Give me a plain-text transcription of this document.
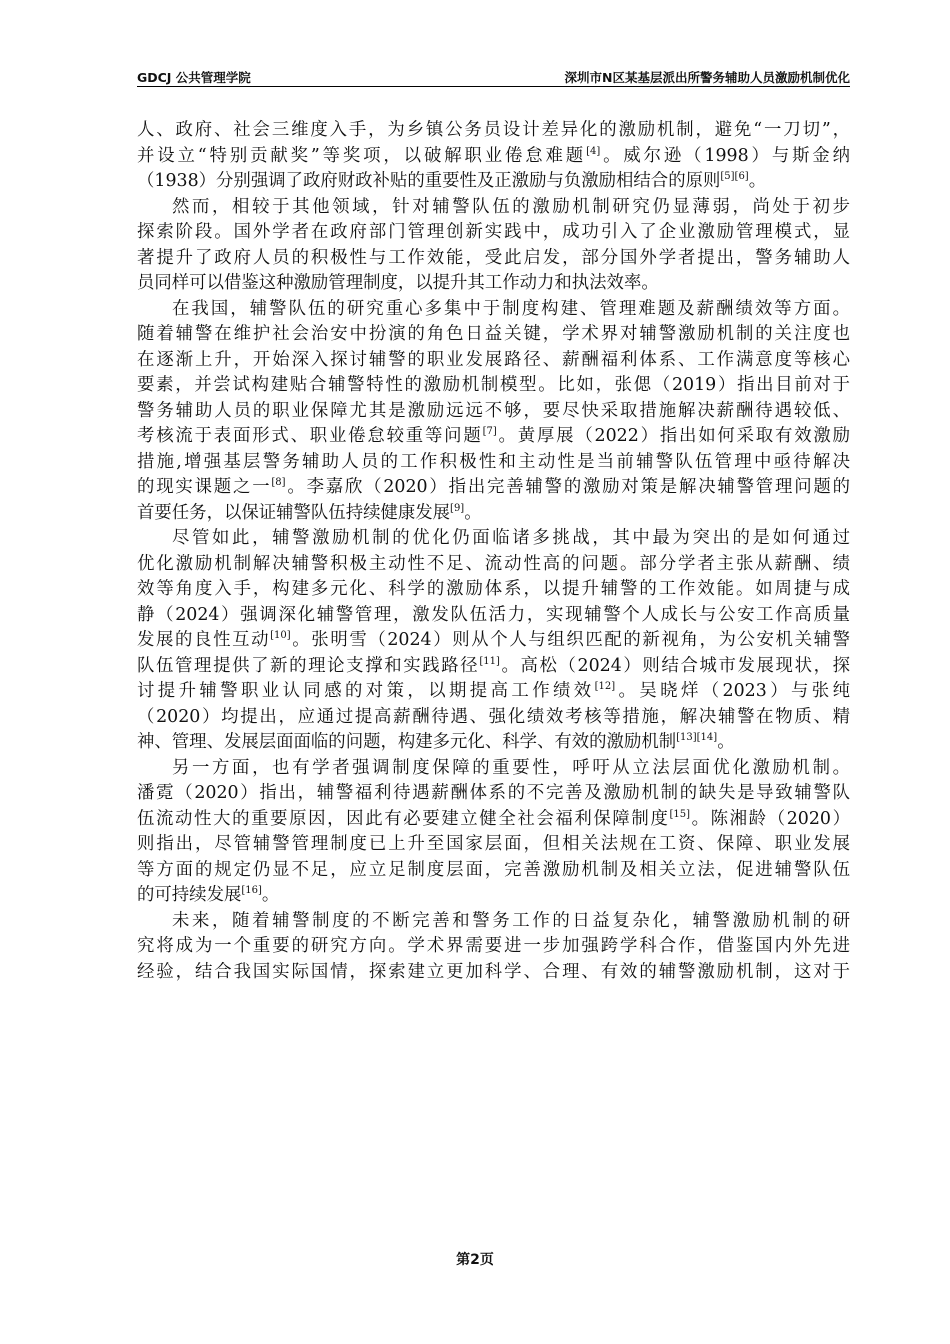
GDCJ 公共管理学院	深圳市N区某基层派出所警务辅助人员激励机制优化
人、政府、社会三维度入手，为乡镇公务员设计差异化的激励机制，避免“一刀切”，
并设立“特别贡献奖”等奖项，以破解职业倦怠难题[4]。威尔逊（1998）与斯金纳
（1938）分别强调了政府财政补贴的重要性及正激励与负激励相结合的原则[5][6]。
然而，相较于其他领域，针对辅警队伍的激励机制研究仍显薄弱，尚处于初步
探索阶段。国外学者在政府部门管理创新实践中，成功引入了企业激励管理模式，显
著提升了政府人员的积极性与工作效能，受此启发，部分国外学者提出，警务辅助人
员同样可以借鉴这种激励管理制度，以提升其工作动力和执法效率。
在我国，辅警队伍的研究重心多集中于制度构建、管理难题及薪酬绩效等方面。
随着辅警在维护社会治安中扮演的角色日益关键，学术界对辅警激励机制的关注度也
在逐渐上升，开始深入探讨辅警的职业发展路径、薪酬福利体系、工作满意度等核心
要素，并尝试构建贴合辅警特性的激励机制模型。比如，张偲（2019）指出目前对于
警务辅助人员的职业保障尤其是激励远远不够，要尽快采取措施解决薪酬待遇较低、
考核流于表面形式、职业倦怠较重等问题[7]。黄厚展（2022）指出如何采取有效激励
措施,增强基层警务辅助人员的工作积极性和主动性是当前辅警队伍管理中亟待解决
的现实课题之一[8]。李嘉欣（2020）指出完善辅警的激励对策是解决辅警管理问题的
首要任务，以保证辅警队伍持续健康发展[9]。
尽管如此，辅警激励机制的优化仍面临诸多挑战，其中最为突出的是如何通过
优化激励机制解决辅警积极主动性不足、流动性高的问题。部分学者主张从薪酬、绩
效等角度入手，构建多元化、科学的激励体系，以提升辅警的工作效能。如周捷与成
静（2024）强调深化辅警管理，激发队伍活力，实现辅警个人成长与公安工作高质量
发展的良性互动[10]。张明雪（2024）则从个人与组织匹配的新视角，为公安机关辅警
队伍管理提供了新的理论支撑和实践路径[11]。高松（2024）则结合城市发展现状，探
讨提升辅警职业认同感的对策，以期提高工作绩效[12]。吴晓烊（2023）与张纯
（2020）均提出，应通过提高薪酬待遇、强化绩效考核等措施，解决辅警在物质、精
神、管理、发展层面面临的问题，构建多元化、科学、有效的激励机制[13][14]。
另一方面，也有学者强调制度保障的重要性，呼吁从立法层面优化激励机制。
潘霓（2020）指出，辅警福利待遇薪酬体系的不完善及激励机制的缺失是导致辅警队
伍流动性大的重要原因，因此有必要建立健全社会福利保障制度[15]。陈湘龄（2020）
则指出，尽管辅警管理制度已上升至国家层面，但相关法规在工资、保障、职业发展
等方面的规定仍显不足，应立足制度层面，完善激励机制及相关立法，促进辅警队伍
的可持续发展[16]。
未来，随着辅警制度的不断完善和警务工作的日益复杂化，辅警激励机制的研
究将成为一个重要的研究方向。学术界需要进一步加强跨学科合作，借鉴国内外先进
经验，结合我国实际国情，探索建立更加科学、合理、有效的辅警激励机制，这对于
第2页
